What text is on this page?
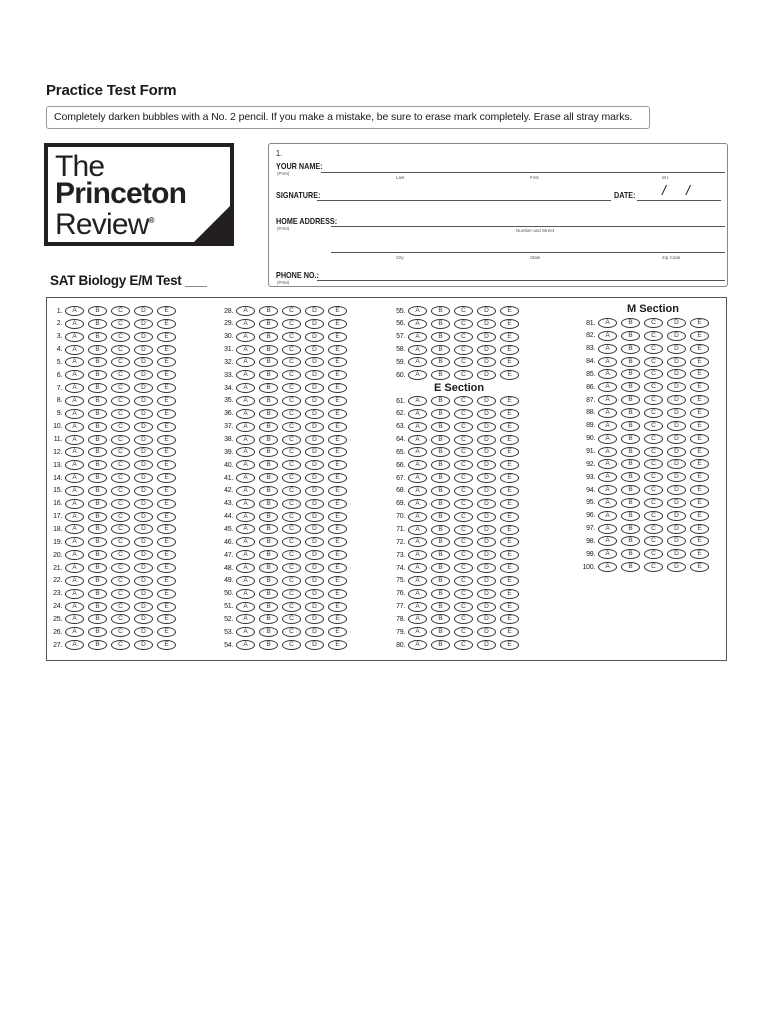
Practice Test Form
Completely darken bubbles with a No. 2 pencil. If you make a mistake, be sure to erase mark completely. Erase all stray marks.
The
Princeton
Review®
1.
YOUR NAME:
(Print)
Last	First	M.I.
SIGNATURE:	DATE: / /
HOME ADDRESS:
(Print)	Number and Street
City	State	Zip Code
PHONE NO.:
(Print)
SAT Biology E/M Test ___
E Section
M Section
1.	A	B	C	D	E
2.	A	B	C	D	E
3.	A	B	C	D	E
4.	A	B	C	D	E
5.	A	B	C	D	E
6.	A	B	C	D	E
7.	A	B	C	D	E
8.	A	B	C	D	E
9.	A	B	C	D	E
10.	A	B	C	D	E
11.	A	B	C	D	E
12.	A	B	C	D	E
13.	A	B	C	D	E
14.	A	B	C	D	E
15.	A	B	C	D	E
16.	A	B	C	D	E
17.	A	B	C	D	E
18.	A	B	C	D	E
19.	A	B	C	D	E
20.	A	B	C	D	E
21.	A	B	C	D	E
22.	A	B	C	D	E
23.	A	B	C	D	E
24.	A	B	C	D	E
25.	A	B	C	D	E
26.	A	B	C	D	E
27.	A	B	C	D	E
28.	A	B	C	D	E
29.	A	B	C	D	E
30.	A	B	C	D	E
31.	A	B	C	D	E
32.	A	B	C	D	E
33.	A	B	C	D	E
34.	A	B	C	D	E
35.	A	B	C	D	E
36.	A	B	C	D	E
37.	A	B	C	D	E
38.	A	B	C	D	E
39.	A	B	C	D	E
40.	A	B	C	D	E
41.	A	B	C	D	E
42.	A	B	C	D	E
43.	A	B	C	D	E
44.	A	B	C	D	E
45.	A	B	C	D	E
46.	A	B	C	D	E
47.	A	B	C	D	E
48.	A	B	C	D	E
49.	A	B	C	D	E
50.	A	B	C	D	E
51.	A	B	C	D	E
52.	A	B	C	D	E
53.	A	B	C	D	E
54.	A	B	C	D	E
55.	A	B	C	D	E
56.	A	B	C	D	E
57.	A	B	C	D	E
58.	A	B	C	D	E
59.	A	B	C	D	E
60.	A	B	C	D	E
61.	A	B	C	D	E
62.	A	B	C	D	E
63.	A	B	C	D	E
64.	A	B	C	D	E
65.	A	B	C	D	E
66.	A	B	C	D	E
67.	A	B	C	D	E
68.	A	B	C	D	E
69.	A	B	C	D	E
70.	A	B	C	D	E
71.	A	B	C	D	E
72.	A	B	C	D	E
73.	A	B	C	D	E
74.	A	B	C	D	E
75.	A	B	C	D	E
76.	A	B	C	D	E
77.	A	B	C	D	E
78.	A	B	C	D	E
79.	A	B	C	D	E
80.	A	B	C	D	E
81.	A	B	C	D	E
82.	A	B	C	D	E
83.	A	B	C	D	E
84.	A	B	C	D	E
85.	A	B	C	D	E
86.	A	B	C	D	E
87.	A	B	C	D	E
88.	A	B	C	D	E
89.	A	B	C	D	E
90.	A	B	C	D	E
91.	A	B	C	D	E
92.	A	B	C	D	E
93.	A	B	C	D	E
94.	A	B	C	D	E
95.	A	B	C	D	E
96.	A	B	C	D	E
97.	A	B	C	D	E
98.	A	B	C	D	E
99.	A	B	C	D	E
100.	A	B	C	D	E
